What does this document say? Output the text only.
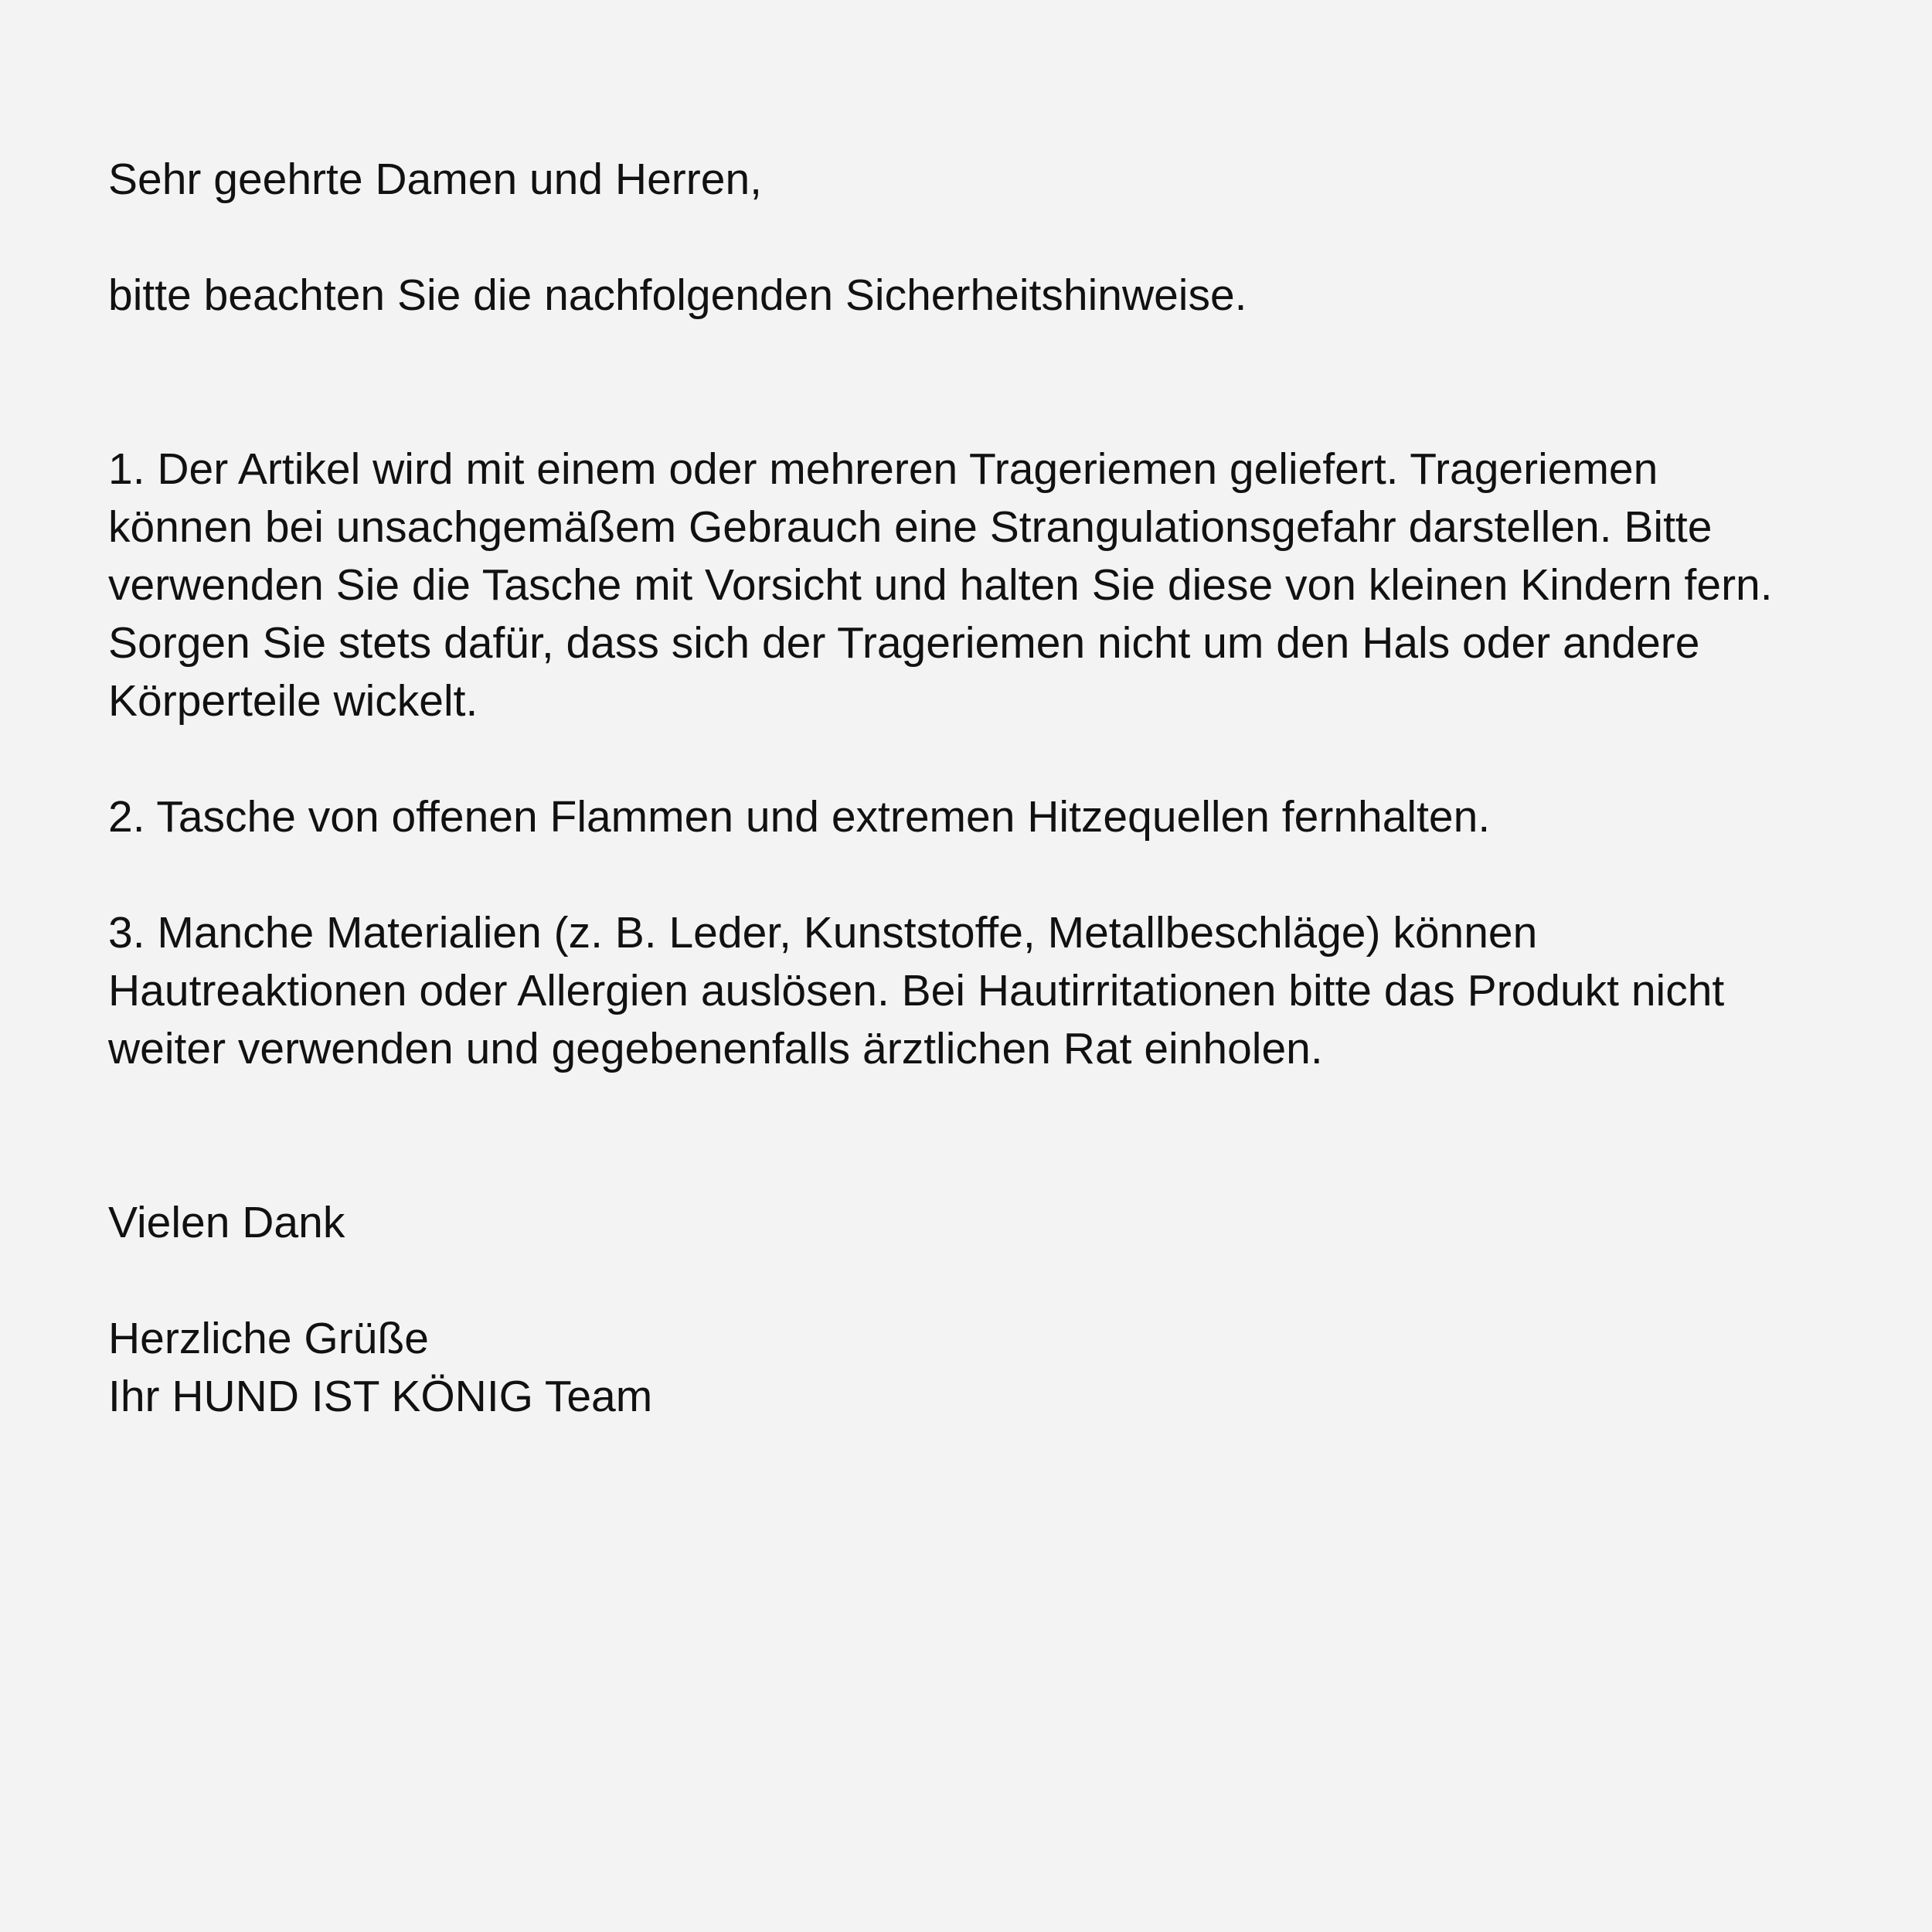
Sehr geehrte Damen und Herren,

bitte beachten Sie die nachfolgenden Sicherheitshinweise.

1. Der Artikel wird mit einem oder mehreren Trageriemen geliefert. Trageriemen

können bei unsachgemäßem Gebrauch eine Strangulationsgefahr darstellen. Bitte

verwenden Sie die Tasche mit Vorsicht und halten Sie diese von kleinen Kindern fern.

Sorgen Sie stets dafür, dass sich der Trageriemen nicht um den Hals oder andere

Körperteile wickelt.

2. Tasche von offenen Flammen und extremen Hitzequellen fernhalten.

3. Manche Materialien (z. B. Leder, Kunststoffe, Metallbeschläge) können

Hautreaktionen oder Allergien auslösen. Bei Hautirritationen bitte das Produkt nicht

weiter verwenden und gegebenenfalls ärztlichen Rat einholen.

Vielen Dank

Herzliche Grüße

Ihr HUND IST KÖNIG Team
